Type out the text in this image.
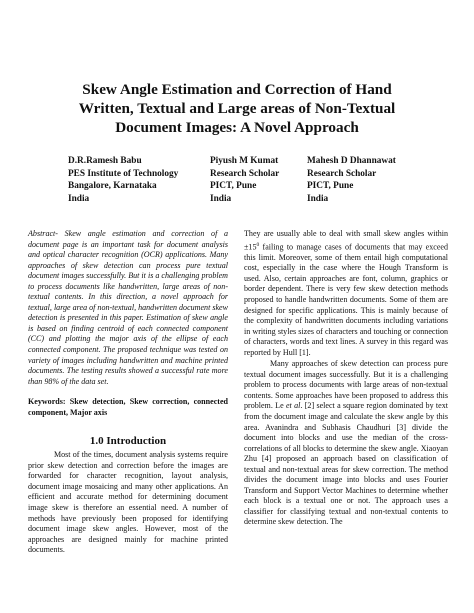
Skew Angle Estimation and Correction of Hand
Written, Textual and Large areas of Non-Textual
Document Images: A Novel Approach
D.R.Ramesh Babu
PES Institute of Technology
Bangalore, Karnataka
India
Piyush M Kumat
Research Scholar
PICT, Pune
India
Mahesh D Dhannawat
Research Scholar
PICT, Pune
India

Abstract- Skew angle estimation and correction of a document page is an important task for document analysis and optical character recognition (OCR) applications. Many approaches of skew detection can process pure textual document images successfully. But it is a challenging problem to process documents like handwritten, large areas of non-textual contents. In this direction, a novel approach for textual, large area of non-textual, handwritten document skew detection is presented in this paper. Estimation of skew angle is based on finding centroid of each connected component (CC) and plotting the major axis of the ellipse of each connected component. The proposed technique was tested on variety of images including handwritten and machine printed documents. The testing results showed a successful rate more than 98% of the data set.

Keywords: Skew detection, Skew correction, connected component, Major axis

1.0 Introduction

Most of the times, document analysis systems require prior skew detection and correction before the images are forwarded for character recognition, layout analysis, document image mosaicing and many other applications. An efficient and accurate method for determining document image skew is therefore an essential need. A number of methods have previously been proposed for identifying document image skew angles. However, most of the approaches are designed mainly for machine printed documents.

They are usually able to deal with small skew angles within $\pm 15^0$ failing to manage cases of documents that may exceed this limit. Moreover, some of them entail high computational cost, especially in the case where the Hough Transform is used. Also, certain approaches are font, column, graphics or border dependent. There is very few skew detection methods proposed to handle handwritten documents. Some of them are designed for specific applications. This is mainly because of the complexity of handwritten documents including variations in writing styles sizes of characters and touching or connection of characters, words and text lines. A survey in this regard was reported by Hull [1].

Many approaches of skew detection can process pure textual document images successfully. But it is a challenging problem to process documents with large areas of non-textual contents. Some approaches have been proposed to address this problem. Le et al. [2] select a square region dominated by text from the document image and calculate the skew angle by this area. Avanindra and Subhasis Chaudhuri [3] divide the document into blocks and use the median of the cross-correlations of all blocks to determine the skew angle. Xiaoyan Zhu [4] proposed an approach based on classification of textual and non-textual areas for skew correction. The method divides the document image into blocks and uses Fourier Transform and Support Vector Machines to determine whether each block is a textual one or not. The approach uses a classifier for classifying textual and non-textual contents to determine skew detection. The
